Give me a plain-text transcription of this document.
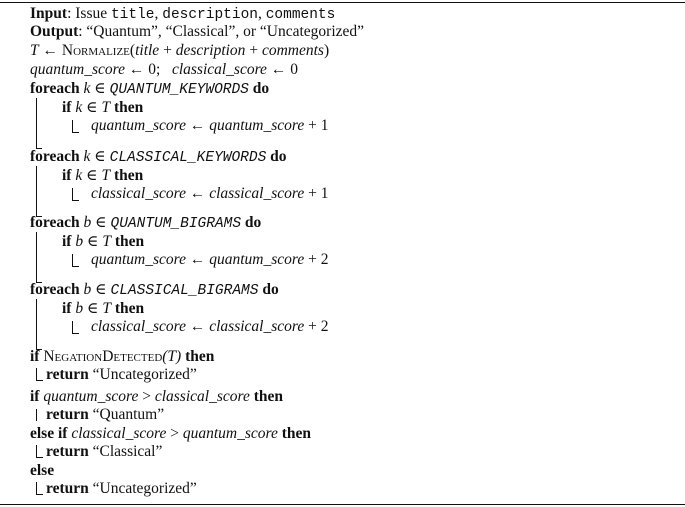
Input: Issue title, description, comments
Output: “Quantum”, “Classical”, or “Uncategorized”
T ← Normalize(title + description + comments)
quantum_score ← 0;   classical_score ← 0
foreach k ∈ QUANTUM_KEYWORDS do
if k ∈ T then
quantum_score ← quantum_score + 1
foreach k ∈ CLASSICAL_KEYWORDS do
if k ∈ T then
classical_score ← classical_score + 1
foreach b ∈ QUANTUM_BIGRAMS do
if b ∈ T then
quantum_score ← quantum_score + 2
foreach b ∈ CLASSICAL_BIGRAMS do
if b ∈ T then
classical_score ← classical_score + 2
if NegationDetected(T) then
return “Uncategorized”
if quantum_score > classical_score then
return “Quantum”
else if classical_score > quantum_score then
return “Classical”
else
return “Uncategorized”
